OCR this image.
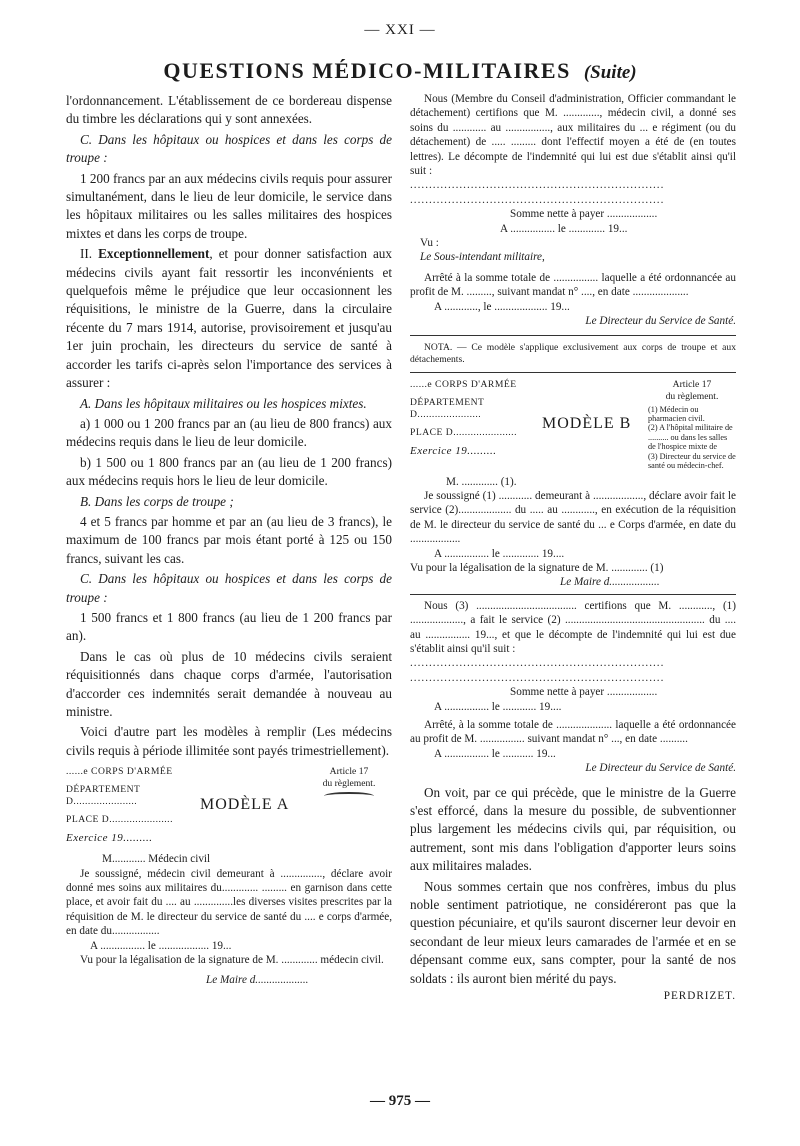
— XXI —
QUESTIONS MÉDICO-MILITAIRES (Suite)

l'ordonnancement. L'établissement de ce bordereau dispense du timbre les déclarations qui y sont annexées.

C. Dans les hôpitaux ou hospices et dans les corps de troupe :

1 200 francs par an aux médecins civils requis pour assurer simultanément, dans le lieu de leur domicile, le service dans les hôpitaux militaires ou les salles militaires des hospices mixtes et dans les corps de troupe.

II. Exceptionnellement, et pour donner satisfaction aux médecins civils ayant fait ressortir les inconvénients et quelquefois même le préjudice que leur occasionnent les réquisitions, le ministre de la Guerre, dans la circulaire récente du 7 mars 1914, autorise, provisoirement et jusqu'au 1er juin prochain, les directeurs du service de santé à accorder les tarifs ci-après selon l'importance des services à assurer :

A. Dans les hôpitaux militaires ou les hospices mixtes.

a) 1 000 ou 1 200 francs par an (au lieu de 800 francs) aux médecins requis dans le lieu de leur domicile.

b) 1 500 ou 1 800 francs par an (au lieu de 1 200 francs) aux médecins requis hors le lieu de leur domicile.

B. Dans les corps de troupe ;

4 et 5 francs par homme et par an (au lieu de 3 francs), le maximum de 100 francs par mois étant porté à 125 ou 150 francs, suivant les cas.

C. Dans les hôpitaux ou hospices et dans les corps de troupe :

1 500 francs et 1 800 francs (au lieu de 1 200 francs par an).

Dans le cas où plus de 10 médecins civils seraient réquisitionnés dans chaque corps d'armée, l'autorisation d'accorder ces indemnités serait demandée à nouveau au ministre.

Voici d'autre part les modèles à remplir (Les médecins civils requis à période illimitée sont payés trimestriellement).

......e CORPS D'ARMÉE

DÉPARTEMENT D......................

PLACE D......................

Exercice 19.........

MODÈLE A

Article 17

du règlement.

M............ Médecin civil

Je soussigné, médecin civil demeurant à ..............., déclare avoir donné mes soins aux militaires du............. ......... en garnison dans cette place, et avoir fait du .... au ..............les diverses visites prescrites par la réquisition de M. le directeur du service de santé du .... e corps d'armée, en date du.................

A ................ le .................. 19...

Vu pour la légalisation de la signature de M. ............. médecin civil.

Le Maire d...................

Nous (Membre du Conseil d'administration, Officier commandant le détachement) certifions que M. ............., médecin civil, a donné ses soins du ............ au ................, aux militaires du ... e régiment (ou du détachement) de ..... ......... dont l'effectif moyen a été de (en toutes lettres). Le décompte de l'indemnité qui lui est due s'établit ainsi qu'il suit :

...................................................................

...................................................................

Somme nette à payer ..................

A ................ le ............. 19...

Vu :

Le Sous-intendant militaire,

Arrêté à la somme totale de ................ laquelle a été ordonnancée au profit de M. ........., suivant mandat n° ...., en date ....................

A ............, le ................... 19...

Le Directeur du Service de Santé.

NOTA. — Ce modèle s'applique exclusivement aux corps de troupe et aux détachements.

......e CORPS D'ARMÉE

DÉPARTEMENT D......................

PLACE D......................

Exercice 19.........

MODÈLE B

Article 17

du règlement.

(1) Médecin ou pharmacien civil.

(2) A l'hôpital militaire de .......... ou dans les salles de l'hospice mixte de

(3) Directeur du service de santé ou médecin-chef.

M. ............. (1).

Je soussigné (1) ............ demeurant à .................., déclare avoir fait le service (2)................... du ..... au ............, en exécution de la réquisition de M. le directeur du service de santé du ... e Corps d'armée, en date du ..................

A ................ le ............. 19....

Vu pour la légalisation de la signature de M. ............. (1)

Le Maire d..................

Nous (3) .................................... certifions que M. ............, (1) ..................., a fait le service (2) .................................................. du .... au ................ 19..., et que le décompte de l'indemnité qui lui est due s'établit ainsi qu'il suit :

...................................................................

...................................................................

Somme nette à payer ..................

A ................ le ............ 19....

Arrêté, à la somme totale de .................... laquelle a été ordonnancée au profit de M. ................ suivant mandat n° ..., en date ..........

A ................ le ........... 19...

Le Directeur du Service de Santé.

On voit, par ce qui précède, que le ministre de la Guerre s'est efforcé, dans la mesure du possible, de subventionner plus largement les médecins civils qui, par réquisition, ou autrement, sont mis dans l'obligation d'apporter leurs soins aux militaires malades.

Nous sommes certain que nos confrères, imbus du plus noble sentiment patriotique, ne considéreront pas que la question pécuniaire, et qu'ils sauront discerner leur devoir en secondant de leur mieux leurs camarades de l'armée et en se dépensant comme eux, sans compter, pour la santé de nos soldats : ils auront bien mérité du pays.

PERDRIZET.

— 975 —
